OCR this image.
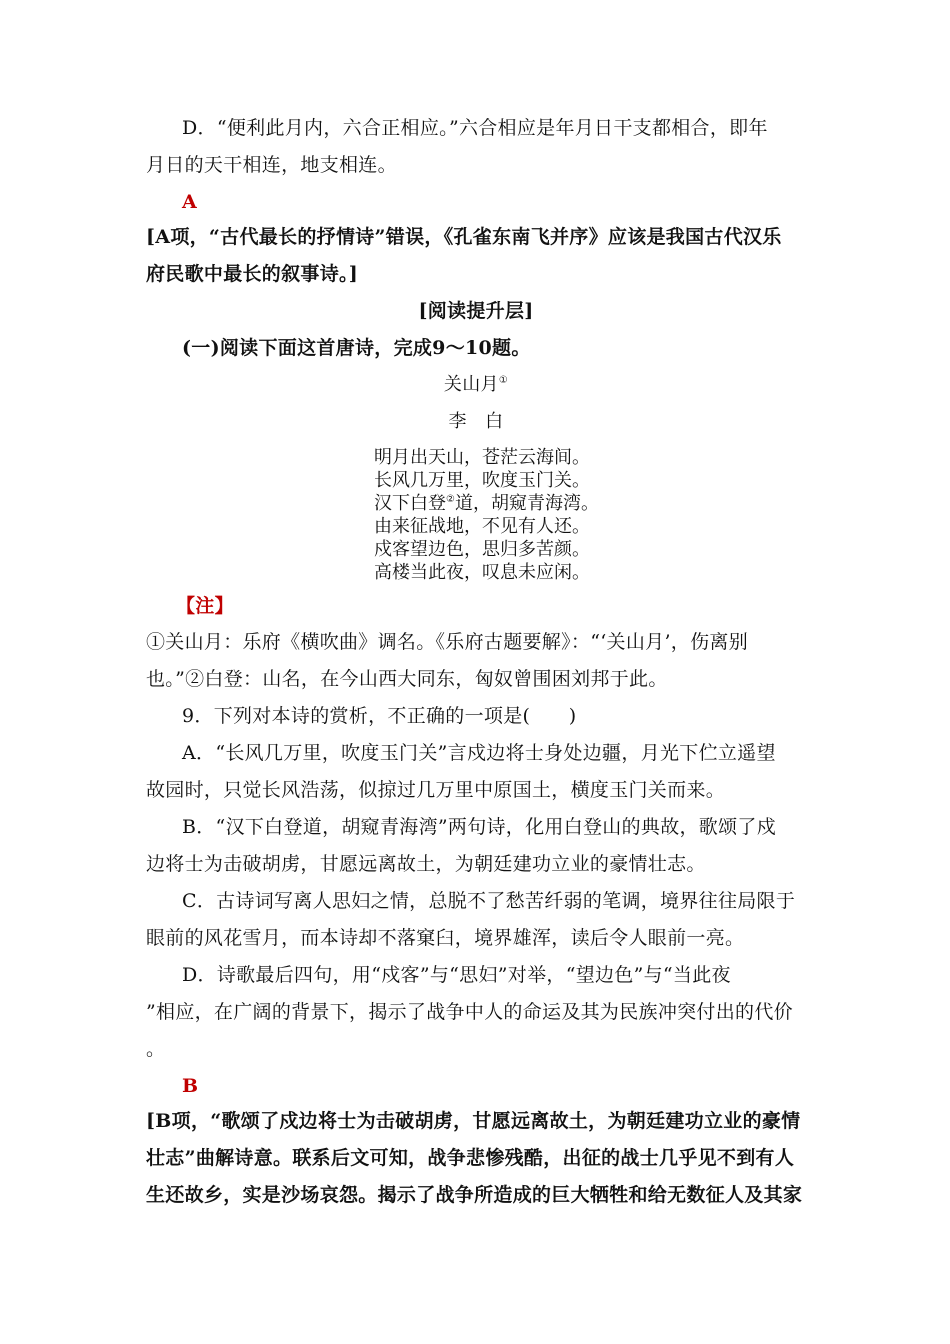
D．“便利此月内，六合正相应。”六合相应是年月日干支都相合，即年
月日的天干相连，地支相连。
A
[A项，“古代最长的抒情诗”错误，《孔雀东南飞并序》应该是我国古代汉乐
府民歌中最长的叙事诗。]
[阅读提升层]
(一)阅读下面这首唐诗，完成9～10题。
关山月①
李　白
明月出天山，苍茫云海间。
长风几万里，吹度玉门关。
汉下白登②道，胡窥青海湾。
由来征战地，不见有人还。
戍客望边色，思归多苦颜。
高楼当此夜，叹息未应闲。
【注】
①关山月：乐府《横吹曲》调名。《乐府古题要解》：“‘关山月’，伤离别
也。”②白登：山名，在今山西大同东，匈奴曾围困刘邦于此。
9．下列对本诗的赏析，不正确的一项是(　　)
A．“长风几万里，吹度玉门关”言戍边将士身处边疆，月光下伫立遥望
故园时，只觉长风浩荡，似掠过几万里中原国土，横度玉门关而来。
B．“汉下白登道，胡窥青海湾”两句诗，化用白登山的典故，歌颂了戍
边将士为击破胡虏，甘愿远离故土，为朝廷建功立业的豪情壮志。
C．古诗词写离人思妇之情，总脱不了愁苦纤弱的笔调，境界往往局限于
眼前的风花雪月，而本诗却不落窠臼，境界雄浑，读后令人眼前一亮。
D．诗歌最后四句，用“戍客”与“思妇”对举，“望边色”与“当此夜
”相应，在广阔的背景下，揭示了战争中人的命运及其为民族冲突付出的代价
。
B
[B项，“歌颂了戍边将士为击破胡虏，甘愿远离故土，为朝廷建功立业的豪情
壮志”曲解诗意。联系后文可知，战争悲惨残酷，出征的战士几乎见不到有人
生还故乡，实是沙场哀怨。揭示了战争所造成的巨大牺牲和给无数征人及其家
